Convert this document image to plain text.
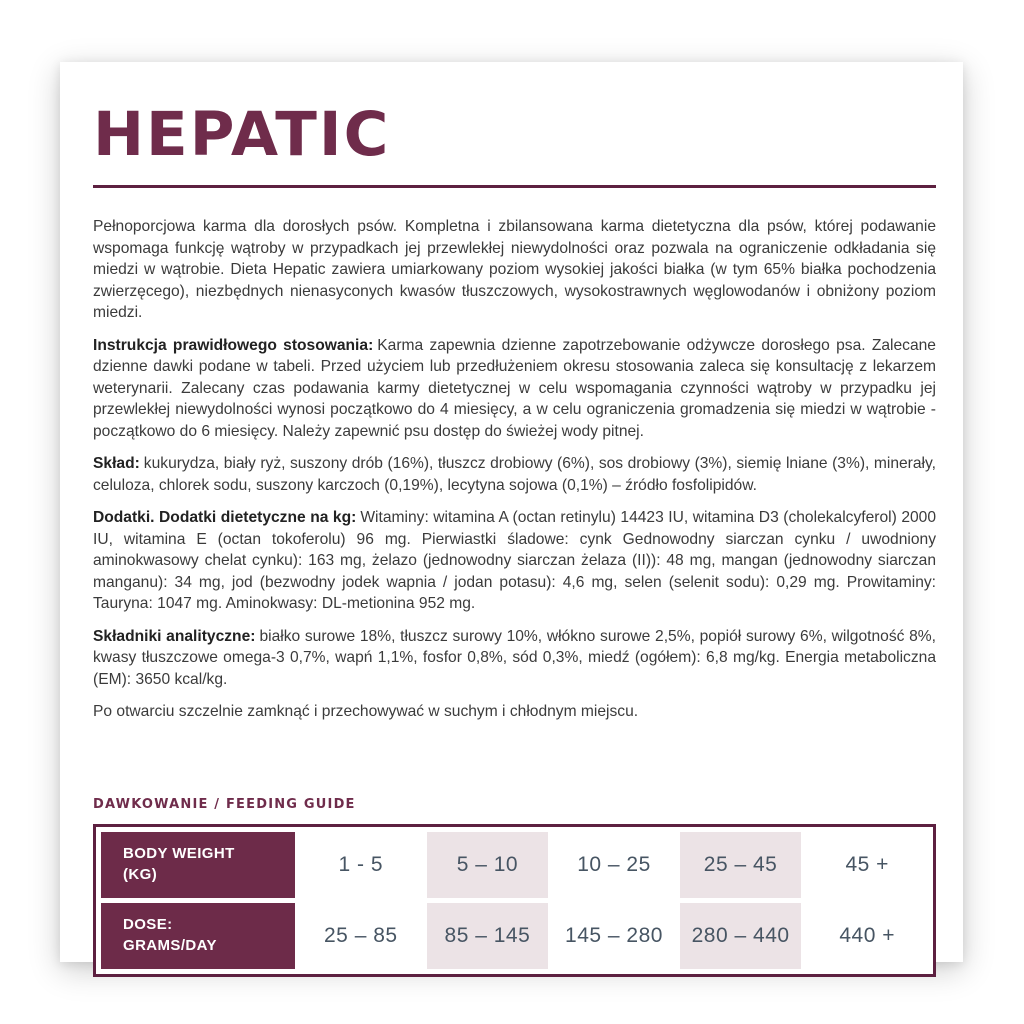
HEPATIC

Pełnoporcjowa karma dla dorosłych psów. Kompletna i zbilansowana karma dietetyczna dla psów, której podawanie wspomaga funkcję wątroby w przypadkach jej przewlekłej niewydolności oraz pozwala na ograniczenie odkładania się miedzi w wątrobie. Dieta Hepatic zawiera umiarkowany poziom wysokiej jakości białka (w tym 65% białka pochodzenia zwierzęcego), niezbędnych nienasyconych kwasów tłuszczowych, wysokostrawnych węglowodanów i obniżony poziom miedzi.

Instrukcja prawidłowego stosowania: Karma zapewnia dzienne zapotrzebowanie odżywcze dorosłego psa. Zalecane dzienne dawki podane w tabeli. Przed użyciem lub przedłużeniem okresu stosowania zaleca się konsultację z lekarzem weterynarii. Zalecany czas podawania karmy dietetycznej w celu wspomagania czynności wątroby w przypadku jej przewlekłej niewydolności wynosi początkowo do 4 miesięcy, a w celu ograniczenia gromadzenia się miedzi w wątrobie - początkowo do 6 miesięcy. Należy zapewnić psu dostęp do świeżej wody pitnej.

Skład: kukurydza, biały ryż, suszony drób (16%), tłuszcz drobiowy (6%), sos drobiowy (3%), siemię lniane (3%), minerały, celuloza, chlorek sodu, suszony karczoch (0,19%), lecytyna sojowa (0,1%) – źródło fosfolipidów.

Dodatki. Dodatki dietetyczne na kg: Witaminy: witamina A (octan retinylu) 14423 IU, witamina D3 (cholekalcyferol) 2000 IU, witamina E (octan tokoferolu) 96 mg. Pierwiastki śladowe: cynk Gednowodny siarczan cynku / uwodniony aminokwasowy chelat cynku): 163 mg, żelazo (jednowodny siarczan żelaza (II)): 48 mg, mangan (jednowodny siarczan manganu): 34 mg, jod (bezwodny jodek wapnia / jodan potasu): 4,6 mg, selen (selenit sodu): 0,29 mg. Prowitaminy: Tauryna: 1047 mg. Aminokwasy: DL-metionina 952 mg.

Składniki analityczne: białko surowe 18%, tłuszcz surowy 10%, włókno surowe 2,5%, popiół surowy 6%, wilgotność 8%, kwasy tłuszczowe omega-3 0,7%, wapń 1,1%, fosfor 0,8%, sód 0,3%, miedź (ogółem): 6,8 mg/kg. Energia metaboliczna (EM): 3650 kcal/kg.

Po otwarciu szczelnie zamknąć i przechowywać w suchym i chłodnym miejscu.

DAWKOWANIE / FEEDING GUIDE
BODY WEIGHT
(KG)	1 - 5	5 – 10	10 – 25	25 – 45	45 +
DOSE:
GRAMS/DAY	25 – 85	85 – 145	145 – 280	280 – 440	440 +
